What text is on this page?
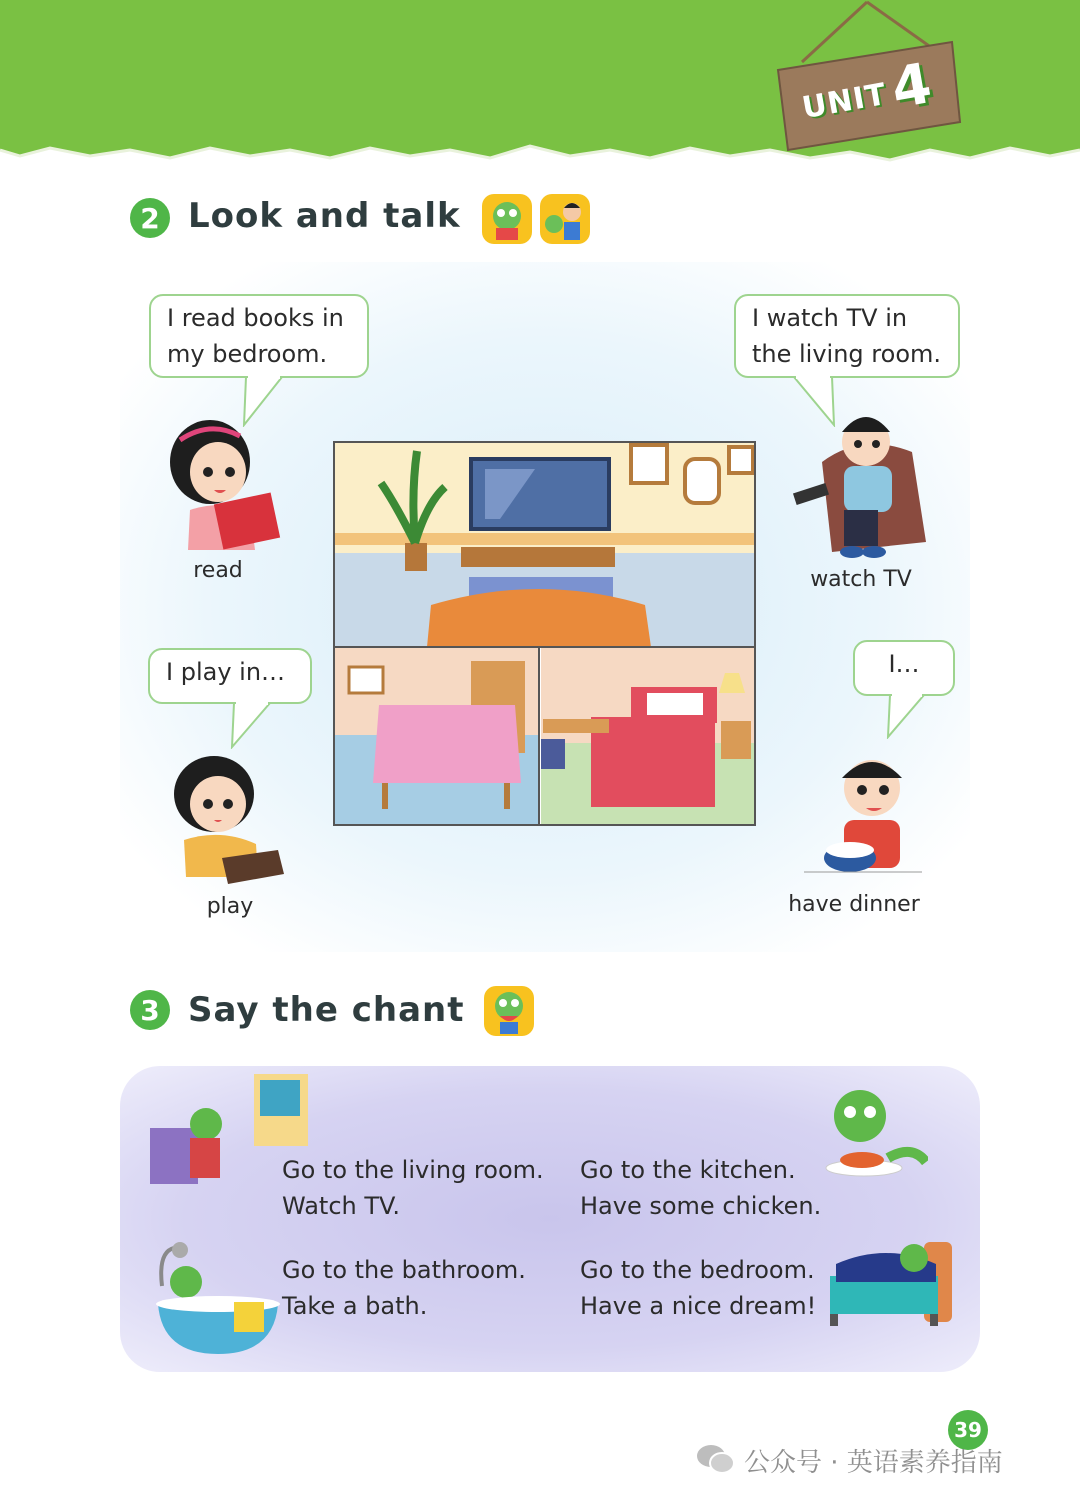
UNIT
4
2 Look and talk
I read books in
my bedroom.
I watch TV in
the living room.
I play in…	I…
read	watch TV
play	have dinner
3 Say the chant
Go to the living room.
Watch TV.
Go to the kitchen.
Have some chicken.
Go to the bathroom.
Take a bath.
Go to the bedroom.
Have a nice dream!
39
公众号 · 英语素养指南
